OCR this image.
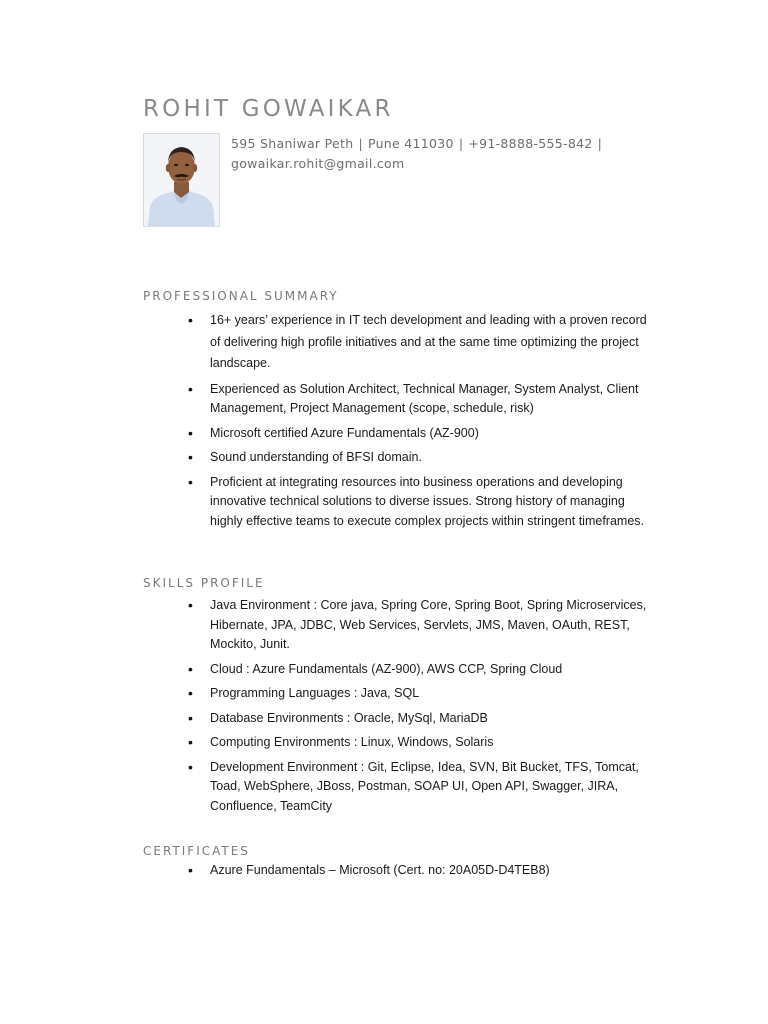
ROHIT GOWAIKAR
595 Shaniwar Peth | Pune 411030 | +91-8888-555-842 |
gowaikar.rohit@gmail.com
PROFESSIONAL SUMMARY
• 16+ years’ experience in IT tech development and leading with a proven record of delivering high profile initiatives and at the same time optimizing the project landscape.
• Experienced as Solution Architect, Technical Manager, System Analyst, Client Management, Project Management (scope, schedule, risk)
• Microsoft certified Azure Fundamentals (AZ-900)
• Sound understanding of BFSI domain.
• Proficient at integrating resources into business operations and developing innovative technical solutions to diverse issues. Strong history of managing highly effective teams to execute complex projects within stringent timeframes.
SKILLS PROFILE
• Java Environment : Core java, Spring Core, Spring Boot, Spring Microservices, Hibernate, JPA, JDBC, Web Services, Servlets, JMS, Maven, OAuth, REST, Mockito, Junit.
• Cloud : Azure Fundamentals (AZ-900), AWS CCP, Spring Cloud
• Programming Languages : Java, SQL
• Database Environments : Oracle, MySql, MariaDB
• Computing Environments : Linux, Windows, Solaris
• Development Environment : Git, Eclipse, Idea, SVN, Bit Bucket, TFS, Tomcat, Toad, WebSphere, JBoss, Postman, SOAP UI, Open API, Swagger, JIRA, Confluence, TeamCity
CERTIFICATES
• Azure Fundamentals – Microsoft (Cert. no: 20A05D-D4TEB8)
